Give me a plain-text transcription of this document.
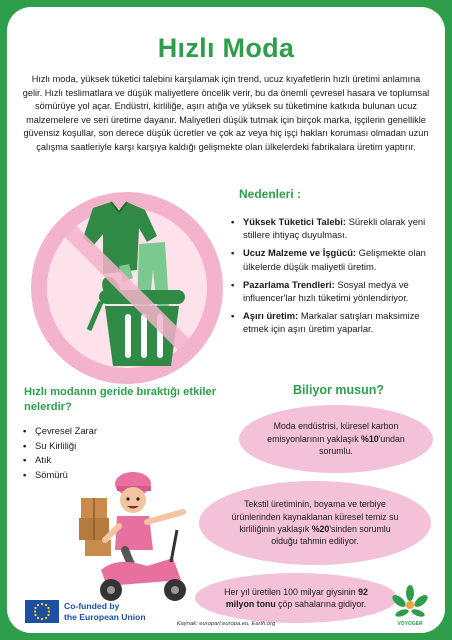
Hızlı Moda

Hızlı moda, yüksek tüketici talebini karşılamak için trend, ucuz kıyafetlerin hızlı üretimi anlamına gelir. Hızlı teslimatlara ve düşük maliyetlere öncelik verir, bu da önemli çevresel hasara ve toplumsal sömürüye yol açar. Endüstri, kirliliğe, aşırı atığa ve yüksek su tüketimine katkıda bulunan ucuz malzemelere ve seri üretime dayanır. Maliyetleri düşük tutmak için birçok marka, işçilerin genellikle güvensiz koşullar, son derece düşük ücretler ve çok az veya hiç işçi hakları koruması olmadan uzun çalışma saatleriyle karşı karşıya kaldığı gelişmekte olan ülkelerdeki fabrikalara üretim yaptırır.

Nedenleri :
• Yüksek Tüketici Talebi: Sürekli olarak yeni stillere ihtiyaç duyulması.
• Ucuz Malzeme ve İşgücü: Gelişmekte olan ülkelerde düşük maliyetli üretim.
• Pazarlama Trendleri: Sosyal medya ve influencer'lar hızlı tüketimi yönlendiriyor.
• Aşırı üretim: Markalar satışları maksimize etmek için aşırı üretim yaparlar.
Hızlı modanın geride bıraktığı etkiler nelerdir?
• Çevresel Zarar
• Su Kirliliği
• Atık
• Sömürü
Biliyor musun?
Moda endüstrisi, küresel karbon emisyonlarının yaklaşık %10'undan sorumlu.
Tekstil üretiminin, boyama ve terbiye ürünlerinden kaynaklanan küresel temiz su kirliliğinin yaklaşık %20'sinden sorumlu olduğu tahmin ediliyor.
Her yıl üretilen 100 milyar giysinin 92 milyon tonu çöp sahalarına gidiyor.
Co-funded by
the European Union
Kaynak: europarl.europa.eu, Earth.org	VOYOGER
